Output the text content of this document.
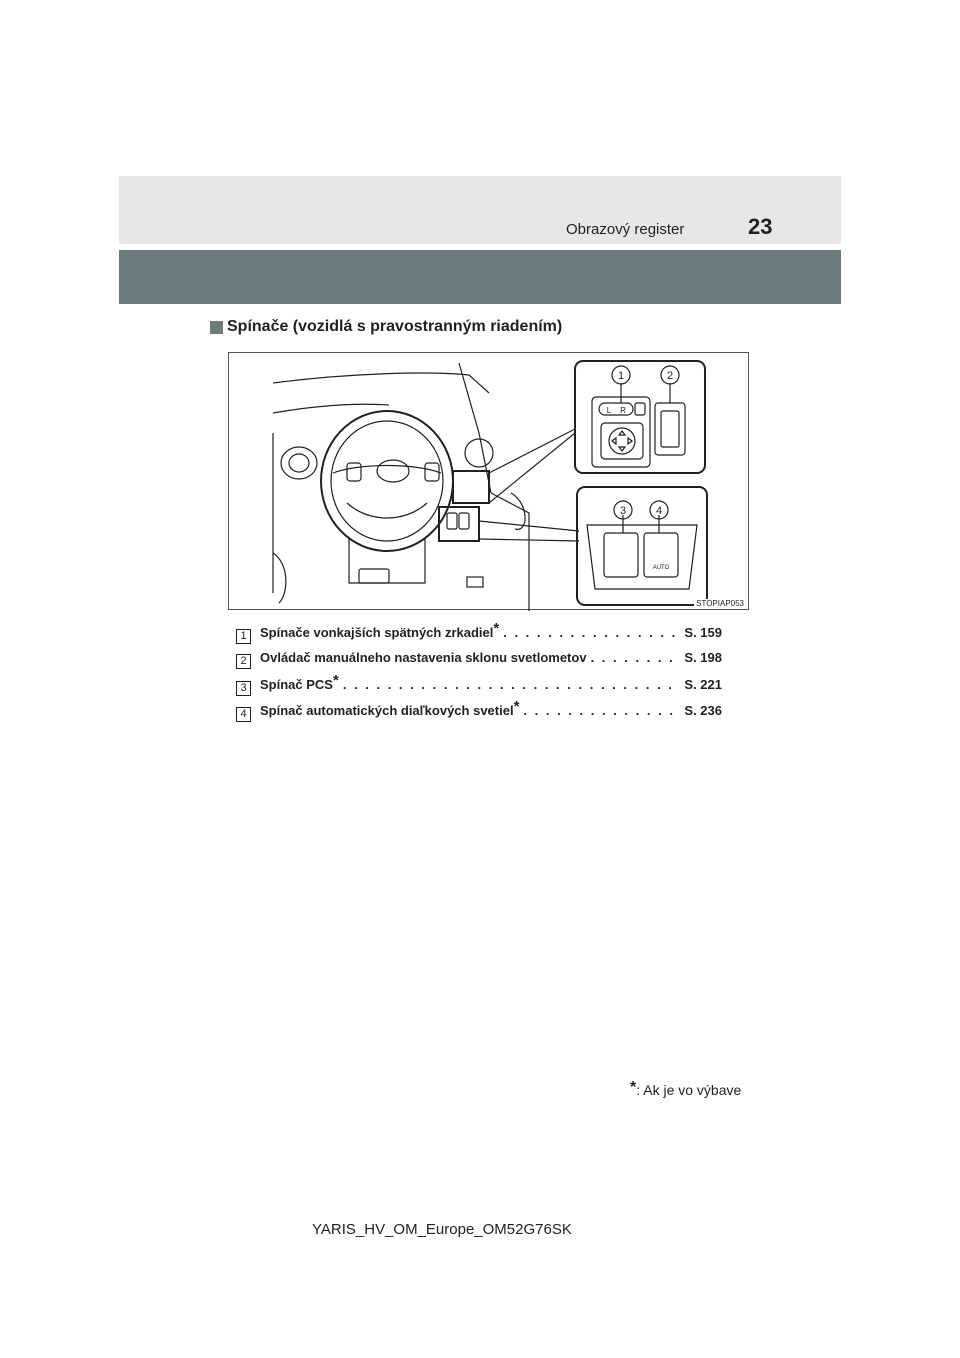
Obrazový register	23
Spínače (vozidlá s pravostranným riadením)
1	2
3	4
L R
AUTO
STOPIAP053
1	Spínače vonkajších spätných zrkadiel * . . .	S. 159
2	Ovládač manuálneho nastavenia sklonu svetlometov . . .	S. 198
3	Spínač PCS * . . .	S. 221
4	Spínač automatických diaľkových svetiel * . . .	S. 236
*: Ak je vo výbave
YARIS_HV_OM_Europe_OM52G76SK
